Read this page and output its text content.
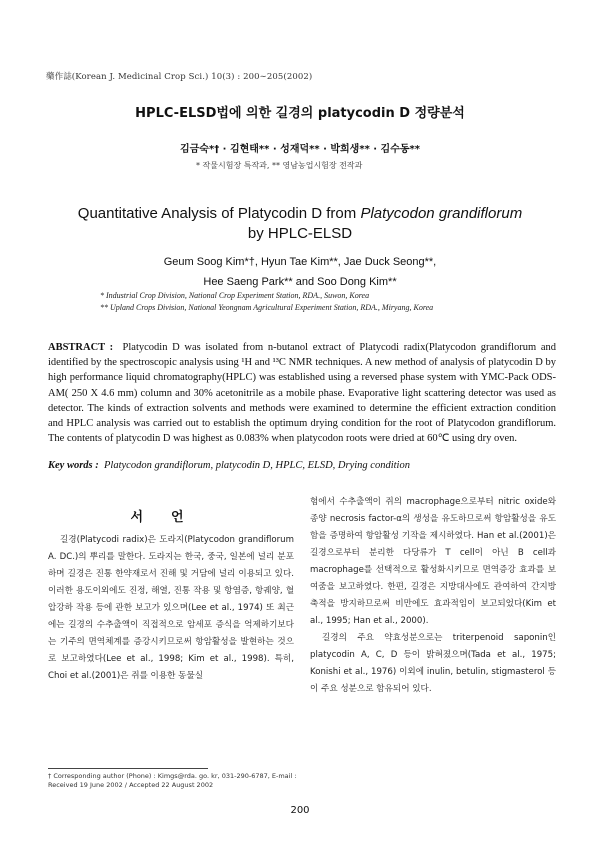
藥作誌(Korean J. Medicinal Crop Sci.) 10(3) : 200∼205(2002)
HPLC-ELSD법에 의한 길경의 platycodin D 정량분석
김금숙*† · 김현태** · 성재덕** · 박희생** · 김수동**
* 작물시험장 특작과, ** 영남농업시험장 전작과
Quantitative Analysis of Platycodin D from Platycodon grandiflorum
by HPLC-ELSD
Geum Soog Kim*†, Hyun Tae Kim**, Jae Duck Seong**,
Hee Saeng Park** and Soo Dong Kim**
* Industrial Crop Division, National Crop Experiment Station, RDA., Suwon, Korea
** Upland Crops Division, National Yeongnam Agricultural Experiment Station, RDA., Miryang, Korea
ABSTRACT : Platycodin D was isolated from n-butanol extract of Platycodi radix(Platycodon grandiflorum and identified by the spectroscopic analysis using ¹H and ¹³C NMR techniques. A new method of analysis of platycodin D by high performance liquid chromatography(HPLC) was established using a reversed phase system with YMC-Pack ODS-AM( 250 X 4.6 mm) column and 30% acetonitrile as a mobile phase. Evaporative light scattering detector was used as detector. The kinds of extraction solvents and methods were examined to determine the efficient extraction condition and HPLC analysis was carried out to establish the optimum drying condition for the root of Platycodon grandiflorum. The contents of platycodin D was highest as 0.083% when platycodon roots were dried at 60℃ using dry oven.
Key words : Platycodon grandiflorum, platycodin D, HPLC, ELSD, Drying condition
서언

길경(Platycodi radix)은 도라지(Platycodon grandiflorum A. DC.)의 뿌리를 말한다. 도라지는 한국, 중국, 일본에 널리 분포하며 길경은 진통 한약재로서 진해 및 거담에 널리 이용되고 있다. 이러한 용도이외에도 진정, 해열, 진통 작용 및 항염증, 항궤양, 혈압강하 작용 등에 관한 보고가 있으며(Lee et al., 1974) 또 최근에는 길경의 수추출액이 직접적으로 암세포 증식을 억제하기보다는 기주의 면역체계를 증강시키므로써 항암활성을 발현하는 것으로 보고하였다(Lee et al., 1998; Kim et al., 1998). 특히, Choi et al.(2001)은 쥐를 이용한 동물실

험에서 수추출액이 쥐의 macrophage으로부터 nitric oxide와 종양 necrosis factor-α의 생성을 유도하므로써 항암활성을 유도함을 증명하여 항암활성 기작을 제시하였다. Han et al.(2001)은 길경으로부터 분리한 다당류가 T cell이 아닌 B cell과 macrophage를 선택적으로 활성화시키므로 면역증강 효과를 보여줌을 보고하였다. 한편, 길경은 지방대사에도 관여하여 간지방 축적을 방지하므로써 비만에도 효과적임이 보고되었다(Kim et al., 1995; Han et al., 2000).

길경의 주요 약효성분으로는 triterpenoid saponin인 platycodin A, C, D 등이 밝혀졌으며(Tada et al., 1975; Konishi et al., 1976) 이외에 inulin, betulin, stigmasterol 등이 주요 성분으로 함유되어 있다.

† Corresponding author (Phone) : Kimgs@rda. go. kr, 031-290-6787, E-mail :
Received 19 June 2002 / Accepted 22 August 2002
200
